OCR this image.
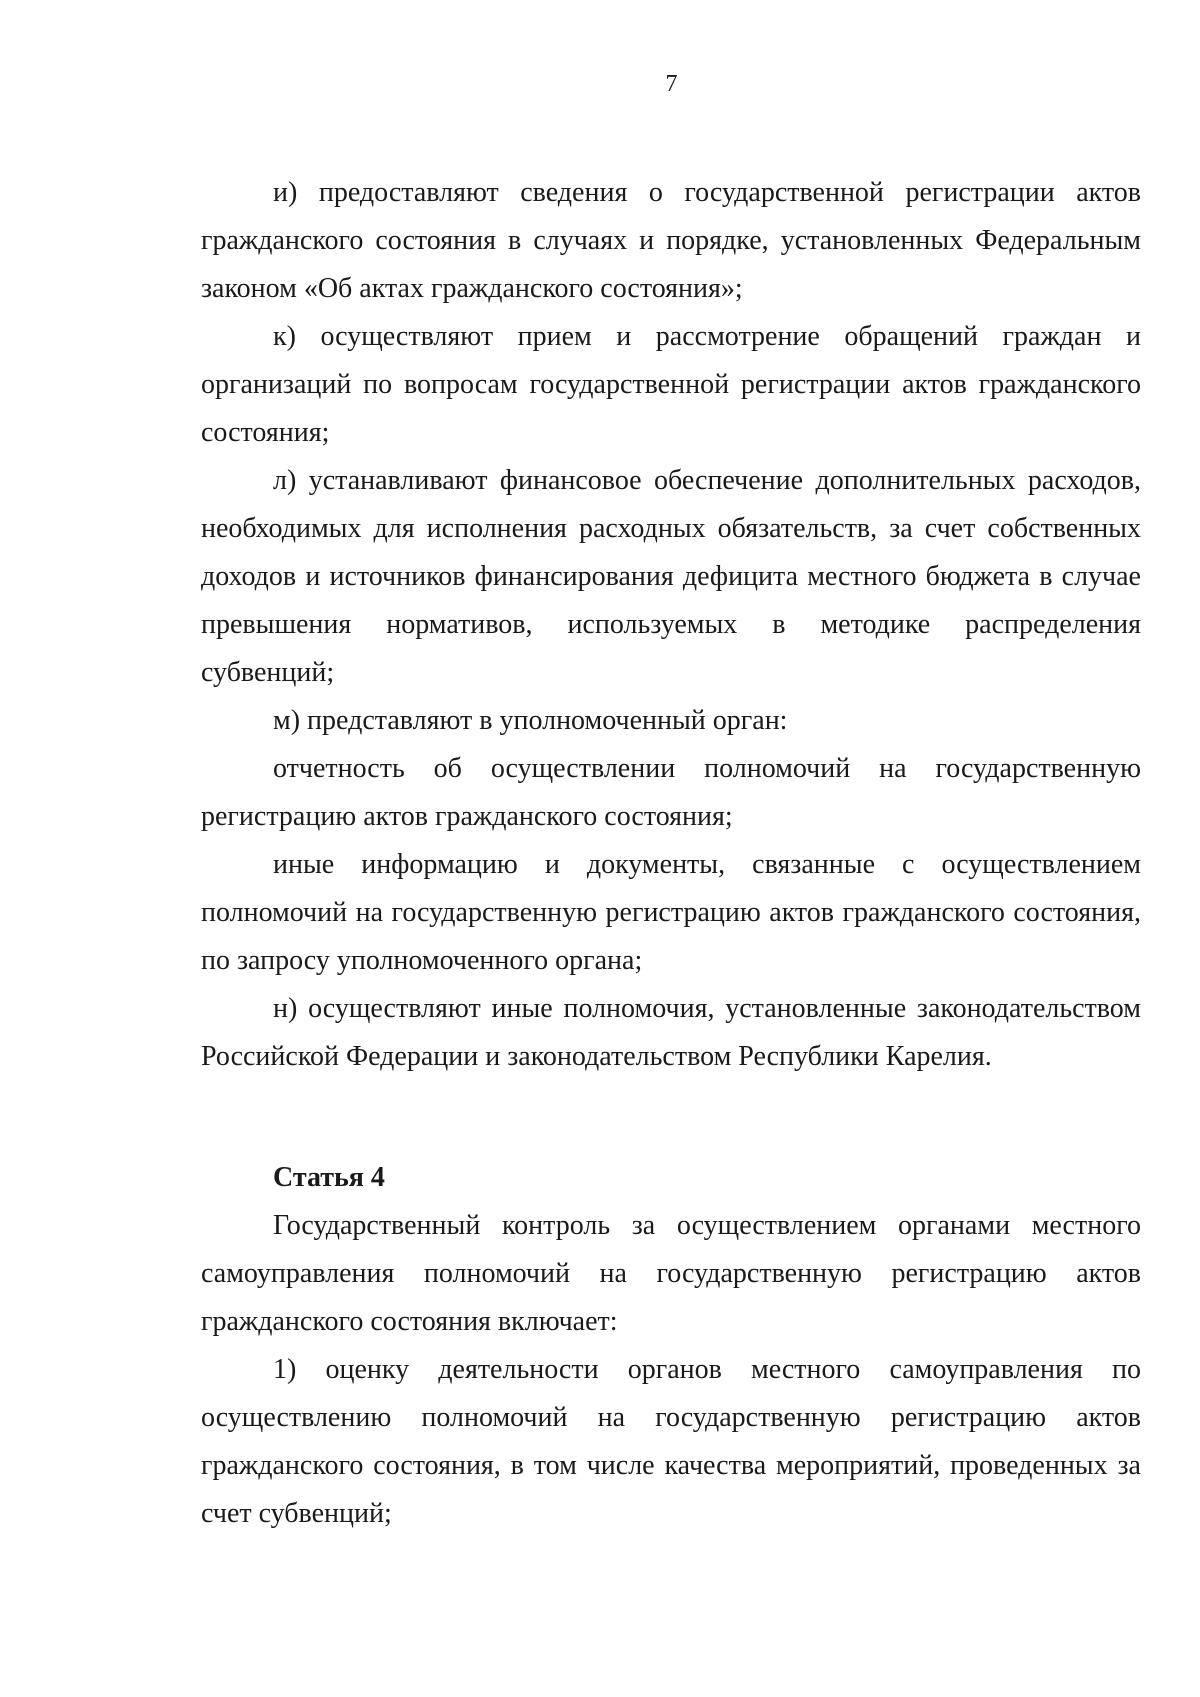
7

и) предоставляют сведения о государственной регистрации актов гражданского состояния в случаях и порядке, установленных Федеральным законом «Об актах гражданского состояния»;

к) осуществляют прием и рассмотрение обращений граждан и организаций по вопросам государственной регистрации актов гражданского состояния;

л) устанавливают финансовое обеспечение дополнительных расходов, необходимых для исполнения расходных обязательств, за счет собственных доходов и источников финансирования дефицита местного бюджета в случае превышения нормативов, используемых в методике распределения субвенций;

м) представляют в уполномоченный орган:

отчетность об осуществлении полномочий на государственную регистрацию актов гражданского состояния;

иные информацию и документы, связанные с осуществлением полномочий на государственную регистрацию актов гражданского состояния, по запросу уполномоченного органа;

н) осуществляют иные полномочия, установленные законодательством Российской Федерации и законодательством Республики Карелия.

Статья 4

Государственный контроль за осуществлением органами местного самоуправления полномочий на государственную регистрацию актов гражданского состояния включает:

1) оценку деятельности органов местного самоуправления по осуществлению полномочий на государственную регистрацию актов гражданского состояния, в том числе качества мероприятий, проведенных за счет субвенций;
